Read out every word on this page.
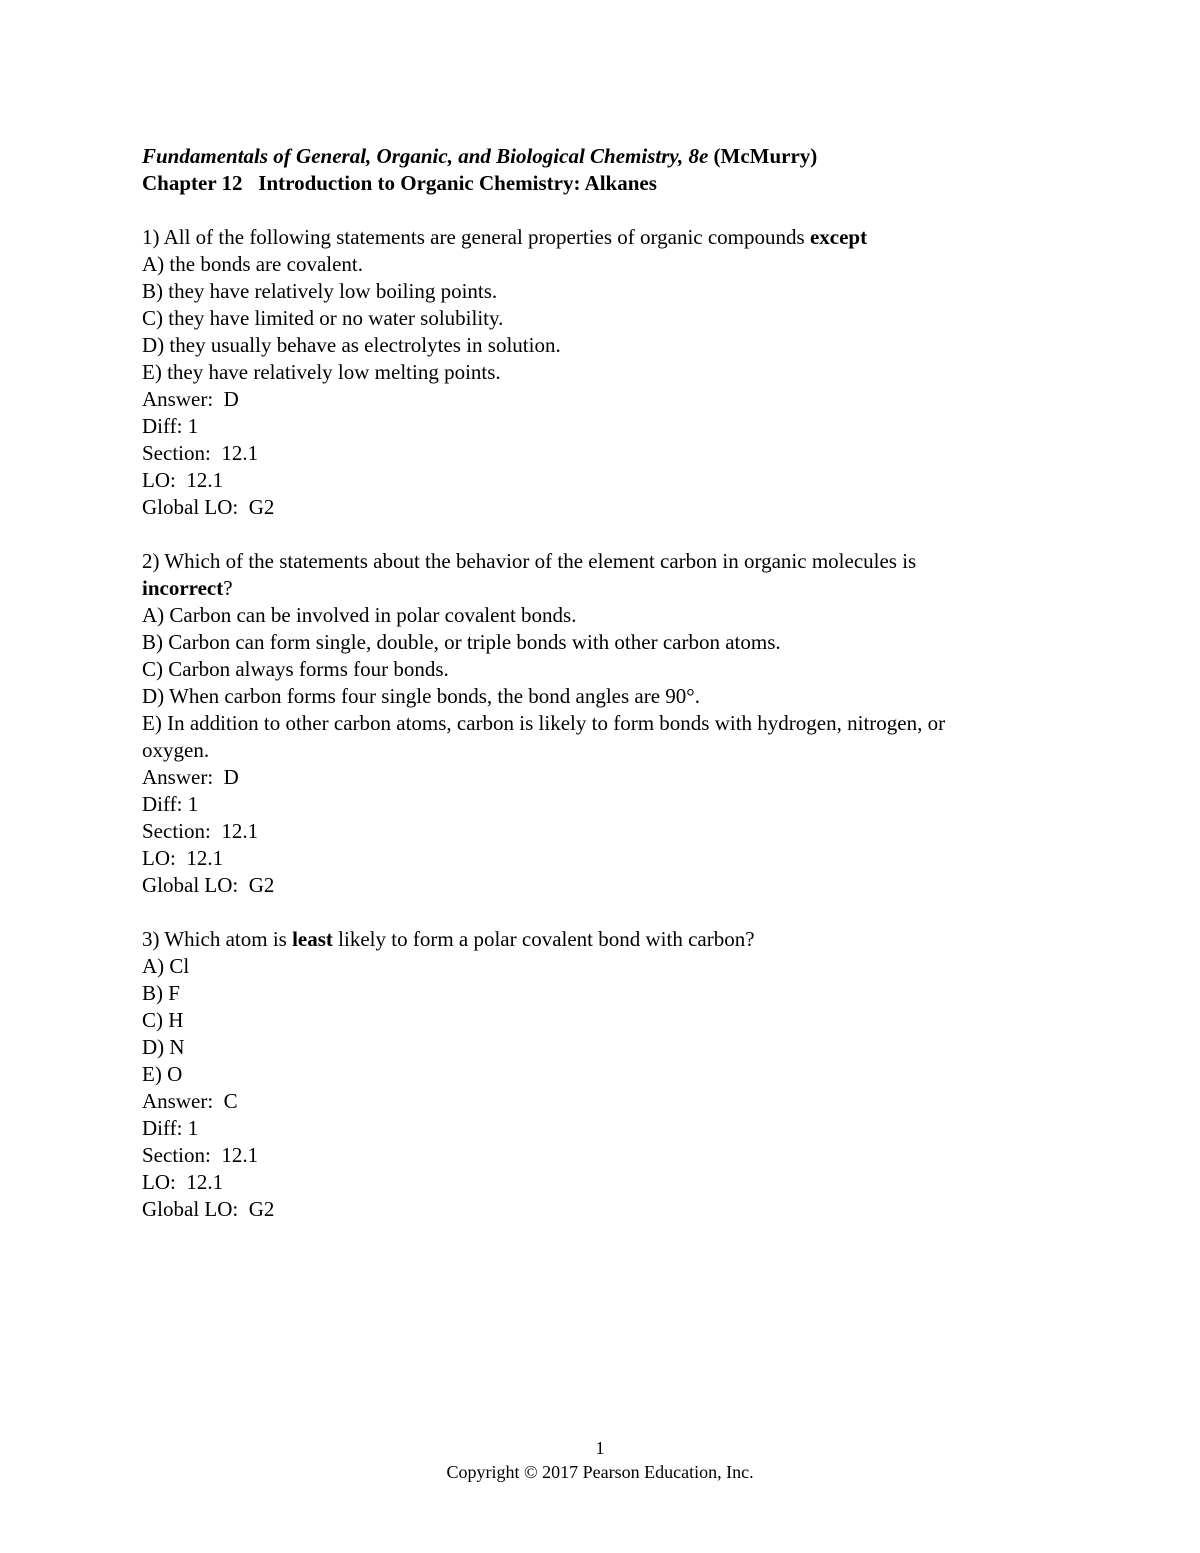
Fundamentals of General, Organic, and Biological Chemistry, 8e (McMurry)
Chapter 12 Introduction to Organic Chemistry: Alkanes
1) All of the following statements are general properties of organic compounds except
A) the bonds are covalent.
B) they have relatively low boiling points.
C) they have limited or no water solubility.
D) they usually behave as electrolytes in solution.
E) they have relatively low melting points.
Answer:  D
Diff: 1
Section:  12.1
LO:  12.1
Global LO:  G2
2) Which of the statements about the behavior of the element carbon in organic molecules is
incorrect?
A) Carbon can be involved in polar covalent bonds.
B) Carbon can form single, double, or triple bonds with other carbon atoms.
C) Carbon always forms four bonds.
D) When carbon forms four single bonds, the bond angles are 90°.
E) In addition to other carbon atoms, carbon is likely to form bonds with hydrogen, nitrogen, or
oxygen.
Answer:  D
Diff: 1
Section:  12.1
LO:  12.1
Global LO:  G2
3) Which atom is least likely to form a polar covalent bond with carbon?
A) Cl
B) F
C) H
D) N
E) O
Answer:  C
Diff: 1
Section:  12.1
LO:  12.1
Global LO:  G2
1
Copyright © 2017 Pearson Education, Inc.
